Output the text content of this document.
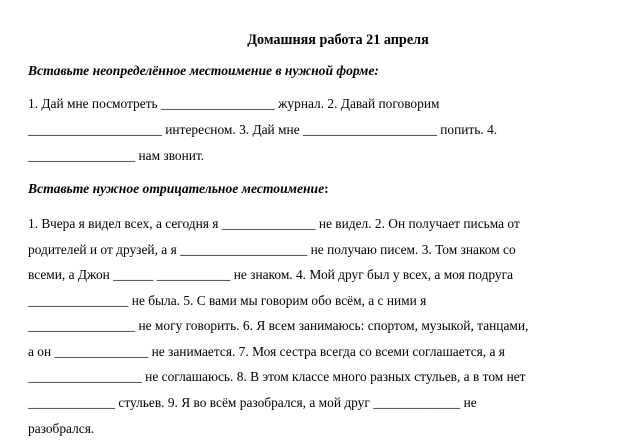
Домашняя работа 21 апреля
Вставьте неопределённое местоимение в нужной форме:
1. Дай мне посмотреть _________________ журнал. 2. Давай поговорим
____________________ интересном. 3. Дай мне ____________________ попить. 4.
________________ нам звонит.
Вставьте нужное отрицательное местоимение:
1. Вчера я видел всех, а сегодня я ______________ не видел. 2. Он получает письма от
родителей и от друзей, а я ___________________ не получаю писем. 3. Том знаком со
всеми, а Джон ______ ___________ не знаком. 4. Мой друг был у всех, а моя подруга
_______________ не была. 5. С вами мы говорим обо всём, а с ними я
________________ не могу говорить. 6. Я всем занимаюсь: спортом, музыкой, танцами,
а он ______________ не занимается. 7. Моя сестра всегда со всеми соглашается, а я
_________________ не соглашаюсь. 8. В этом классе много разных стульев, а в том нет
_____________ стульев. 9. Я во всём разобрался, а мой друг _____________ не
разобрался.
